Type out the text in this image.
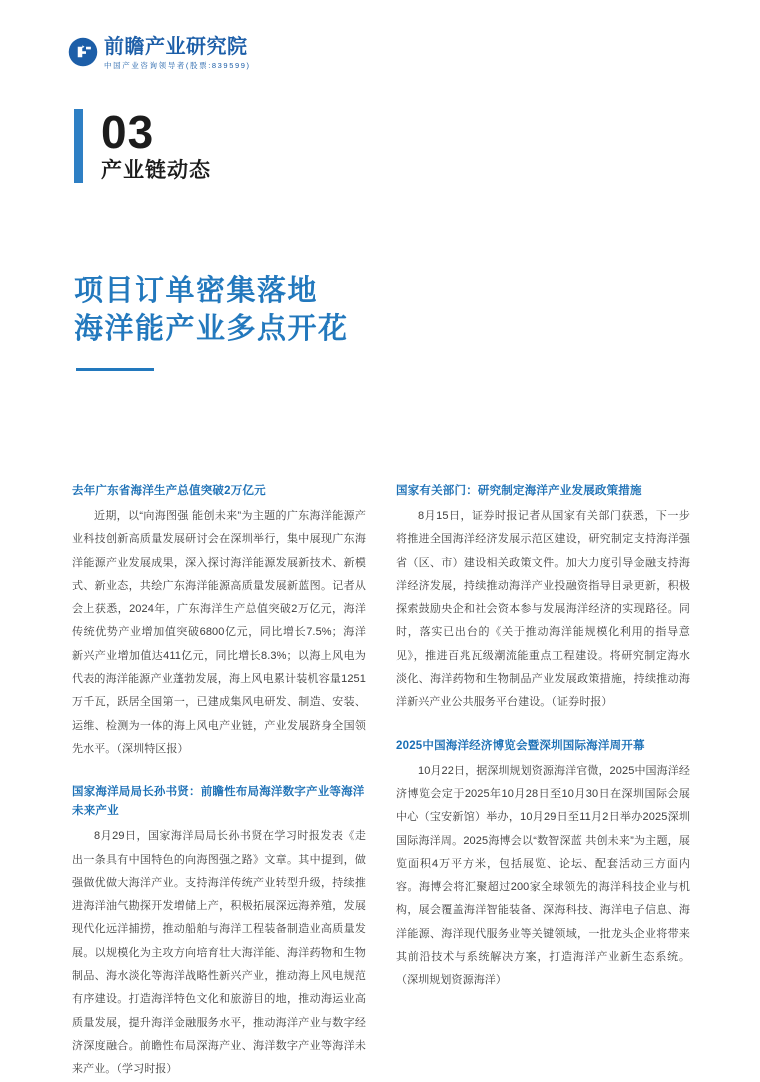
前瞻产业研究院
中国产业咨询领导者(股票:839599)
03
产业链动态
项目订单密集落地
海洋能产业多点开花
去年广东省海洋生产总值突破2万亿元

近期，以“向海图强 能创未来”为主题的广东海洋能源产业科技创新高质量发展研讨会在深圳举行，集中展现广东海洋能源产业发展成果，深入探讨海洋能源发展新技术、新模式、新业态，共绘广东海洋能源高质量发展新蓝图。记者从会上获悉，2024年，广东海洋生产总值突破2万亿元，海洋传统优势产业增加值突破6800亿元，同比增长7.5%；海洋新兴产业增加值达411亿元，同比增长8.3%；以海上风电为代表的海洋能源产业蓬勃发展，海上风电累计装机容量1251万千瓦，跃居全国第一，已建成集风电研发、制造、安装、运维、检测为一体的海上风电产业链，产业发展跻身全国领先水平。（深圳特区报）

国家海洋局局长孙书贤：前瞻性布局海洋数字产业等海洋未来产业

8月29日，国家海洋局局长孙书贤在学习时报发表《走出一条具有中国特色的向海图强之路》文章。其中提到，做强做优做大海洋产业。支持海洋传统产业转型升级，持续推进海洋油气勘探开发增储上产，积极拓展深远海养殖，发展现代化远洋捕捞，推动船舶与海洋工程装备制造业高质量发展。以规模化为主攻方向培育壮大海洋能、海洋药物和生物制品、海水淡化等海洋战略性新兴产业，推动海上风电规范有序建设。打造海洋特色文化和旅游目的地，推动海运业高质量发展，提升海洋金融服务水平，推动海洋产业与数字经济深度融合。前瞻性布局深海产业、海洋数字产业等海洋未来产业。（学习时报）

国家有关部门：研究制定海洋产业发展政策措施

8月15日，证券时报记者从国家有关部门获悉，下一步将推进全国海洋经济发展示范区建设，研究制定支持海洋强省（区、市）建设相关政策文件。加大力度引导金融支持海洋经济发展，持续推动海洋产业投融资指导目录更新，积极探索鼓励央企和社会资本参与发展海洋经济的实现路径。同时，落实已出台的《关于推动海洋能规模化利用的指导意见》，推进百兆瓦级潮流能重点工程建设。将研究制定海水淡化、海洋药物和生物制品产业发展政策措施，持续推动海洋新兴产业公共服务平台建设。（证券时报）

2025中国海洋经济博览会暨深圳国际海洋周开幕

10月22日，据深圳规划资源海洋官微，2025中国海洋经济博览会定于2025年10月28日至10月30日在深圳国际会展中心（宝安新馆）举办，10月29日至11月2日举办2025深圳国际海洋周。2025海博会以“数智深蓝 共创未来”为主题，展览面积4万平方米，包括展览、论坛、配套活动三方面内容。海博会将汇聚超过200家全球领先的海洋科技企业与机构，展会覆盖海洋智能装备、深海科技、海洋电子信息、海洋能源、海洋现代服务业等关键领域，一批龙头企业将带来其前沿技术与系统解决方案，打造海洋产业新生态系统。（深圳规划资源海洋）
